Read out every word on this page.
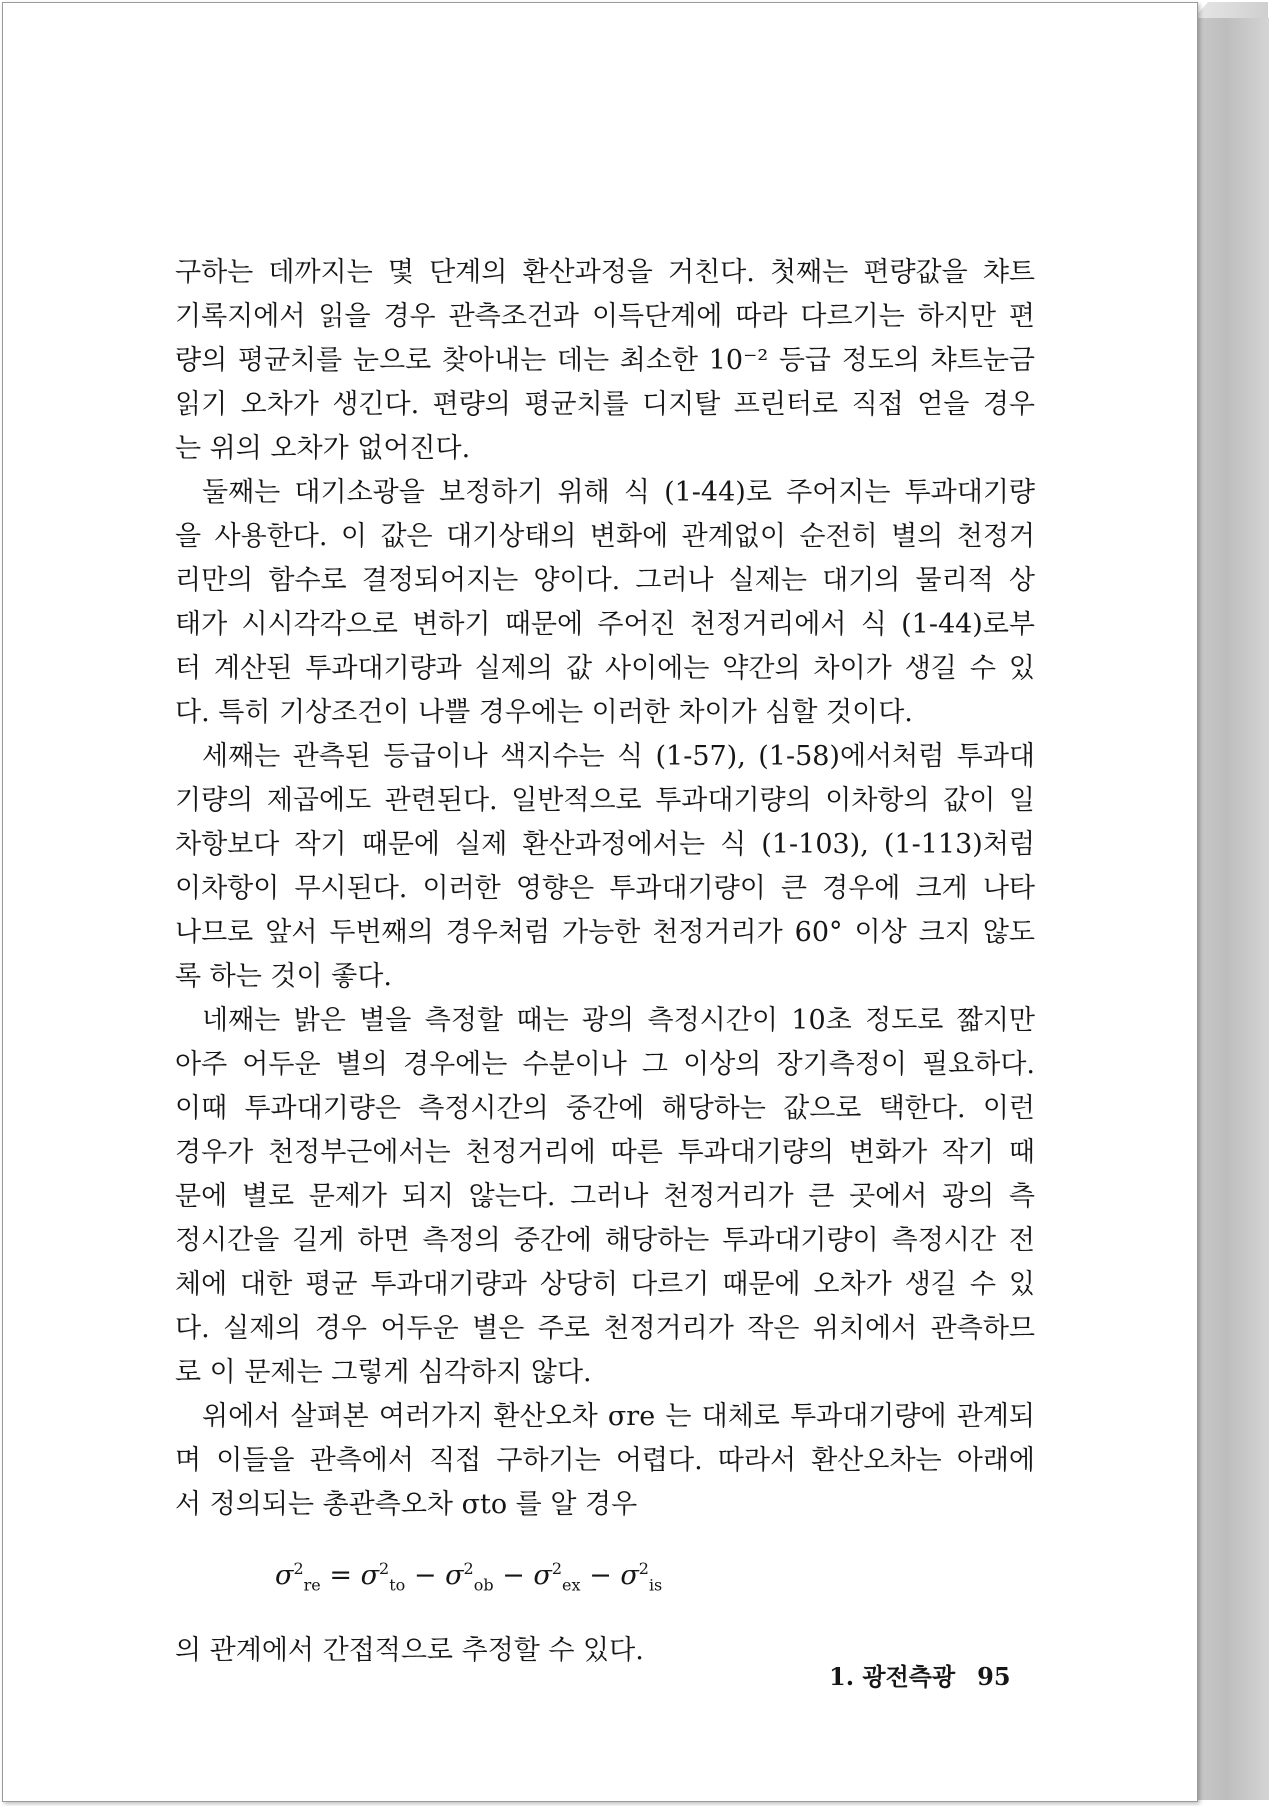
구하는 데까지는 몇 단계의 환산과정을 거친다. 첫째는 편량값을 챠트
기록지에서 읽을 경우 관측조건과 이득단계에 따라 다르기는 하지만 편
량의 평균치를 눈으로 찾아내는 데는 최소한 10⁻² 등급 정도의 챠트눈금
읽기 오차가 생긴다. 편량의 평균치를 디지탈 프린터로 직접 얻을 경우
는 위의 오차가 없어진다.
둘째는 대기소광을 보정하기 위해 식 (1-44)로 주어지는 투과대기량
을 사용한다. 이 값은 대기상태의 변화에 관계없이 순전히 별의 천정거
리만의 함수로 결정되어지는 양이다. 그러나 실제는 대기의 물리적 상
태가 시시각각으로 변하기 때문에 주어진 천정거리에서 식 (1-44)로부
터 계산된 투과대기량과 실제의 값 사이에는 약간의 차이가 생길 수 있
다. 특히 기상조건이 나쁠 경우에는 이러한 차이가 심할 것이다.
세째는 관측된 등급이나 색지수는 식 (1-57), (1-58)에서처럼 투과대
기량의 제곱에도 관련된다. 일반적으로 투과대기량의 이차항의 값이 일
차항보다 작기 때문에 실제 환산과정에서는 식 (1-103), (1-113)처럼
이차항이 무시된다. 이러한 영향은 투과대기량이 큰 경우에 크게 나타
나므로 앞서 두번째의 경우처럼 가능한 천정거리가 60° 이상 크지 않도
록 하는 것이 좋다.
네째는 밝은 별을 측정할 때는 광의 측정시간이 10초 정도로 짧지만
아주 어두운 별의 경우에는 수분이나 그 이상의 장기측정이 필요하다.
이때 투과대기량은 측정시간의 중간에 해당하는 값으로 택한다. 이런
경우가 천정부근에서는 천정거리에 따른 투과대기량의 변화가 작기 때
문에 별로 문제가 되지 않는다. 그러나 천정거리가 큰 곳에서 광의 측
정시간을 길게 하면 측정의 중간에 해당하는 투과대기량이 측정시간 전
체에 대한 평균 투과대기량과 상당히 다르기 때문에 오차가 생길 수 있
다. 실제의 경우 어두운 별은 주로 천정거리가 작은 위치에서 관측하므
로 이 문제는 그렇게 심각하지 않다.
위에서 살펴본 여러가지 환산오차 σre 는 대체로 투과대기량에 관계되
며 이들을 관측에서 직접 구하기는 어렵다. 따라서 환산오차는 아래에
서 정의되는 총관측오차 σto 를 알 경우
$\sigma^2_{re} = \sigma^2_{to} - \sigma^2_{ob} - \sigma^2_{ex} - \sigma^2_{is}$
의 관계에서 간접적으로 추정할 수 있다.
1. 광전측광 95
